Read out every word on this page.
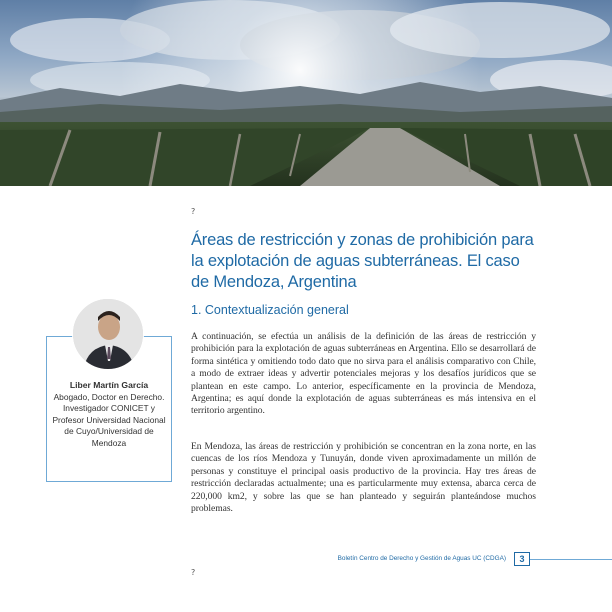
?
Áreas de restricción y zonas de prohibición para la explotación de aguas subterráneas. El caso de Mendoza, Argentina
1. Contextualización general

A continuación, se efectúa un análisis de la definición de las áreas de restricción y prohibición para la explotación de aguas subterráneas en Argentina. Ello se desarrollará de forma sintética y omitiendo todo dato que no sirva para el análisis comparativo con Chile, a modo de extraer ideas y advertir potenciales mejoras y los desafíos jurídicos que se plantean en este campo. Lo anterior, específicamente en la provincia de Mendoza, Argentina; es aquí donde la explotación de aguas subterráneas es más intensiva en el territorio argentino.

En Mendoza, las áreas de restricción y prohibición se concentran en la zona norte, en las cuencas de los ríos Mendoza y Tunuyán, donde viven aproximadamente un millón de personas y constituye el principal oasis productivo de la provincia. Hay tres áreas de restricción declaradas actualmente; una es particularmente muy extensa, abarca cerca de 220,000 km2, y sobre las que se han planteado y seguirán planteándose muchos problemas.

Liber Martín García
Abogado, Doctor en Derecho. Investigador CONICET y Profesor Universidad Nacional de Cuyo/Universidad de Mendoza
Boletín Centro de Derecho y Gestión de Aguas UC (CDGA)	3
?
